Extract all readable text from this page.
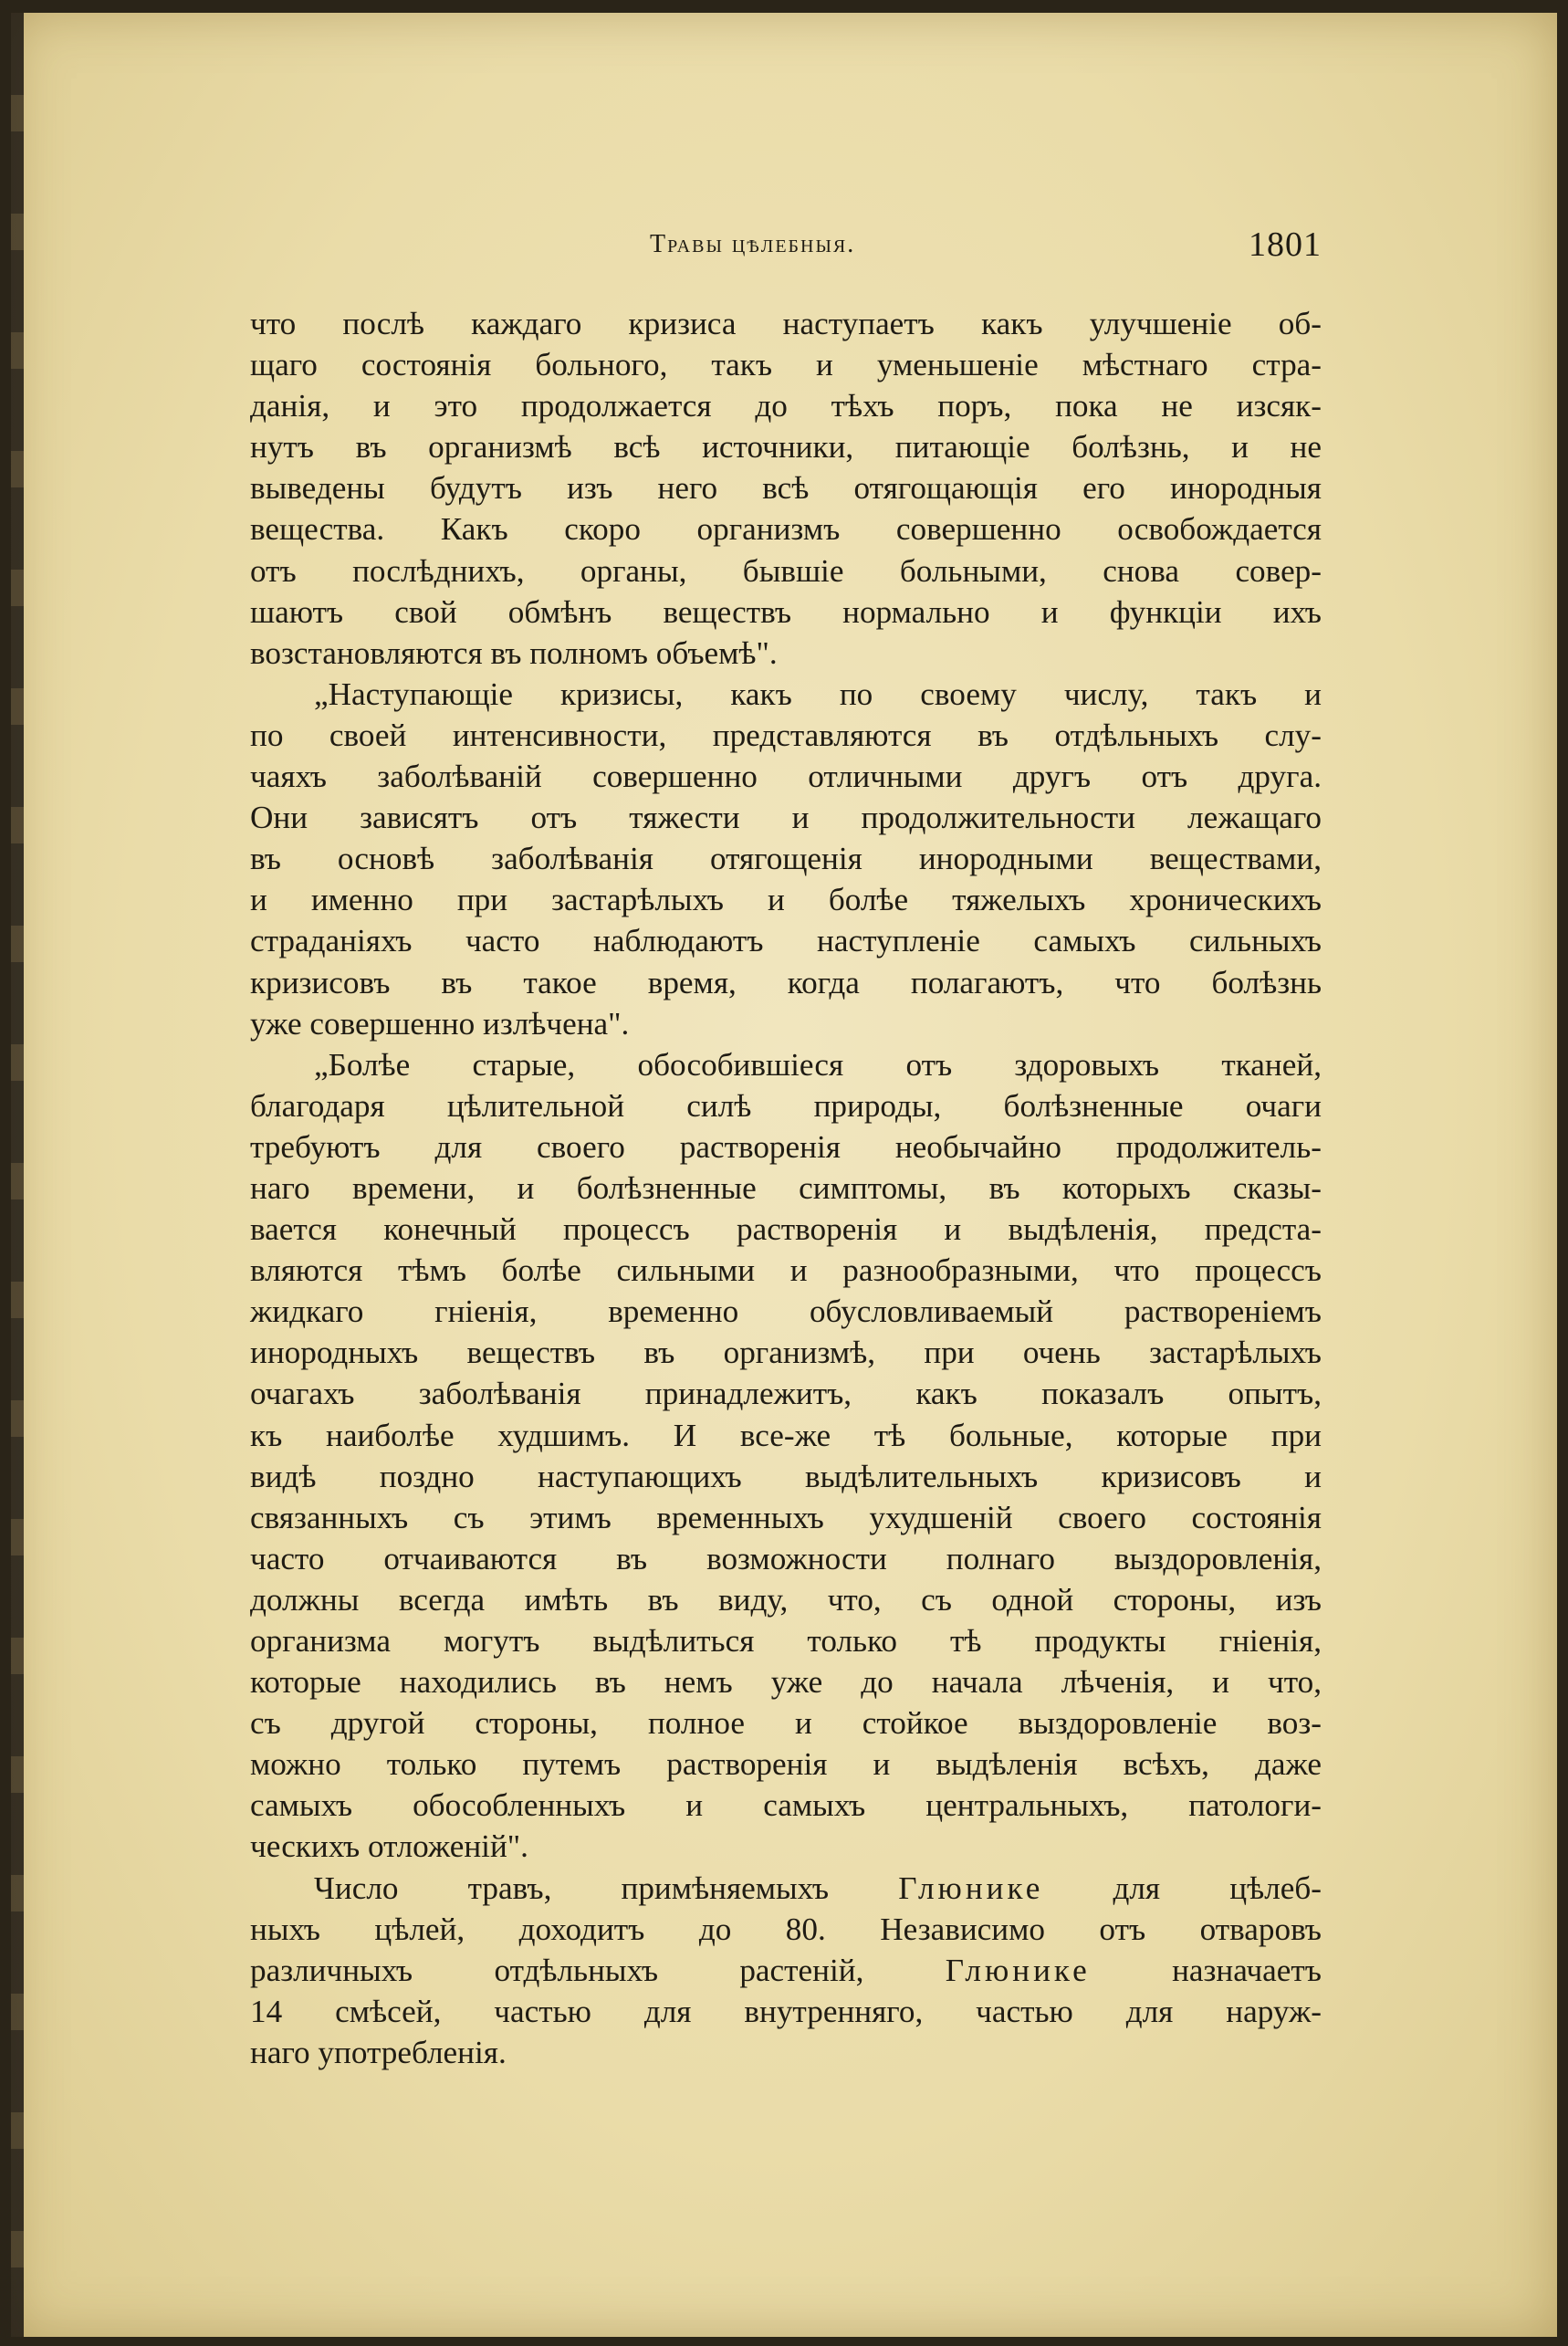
Травы цѣлебныя.	1801

что послѣ каждаго кризиса наступаетъ какъ улучшеніе об-

щаго состоянія больного, такъ и уменьшеніе мѣстнаго стра-

данія, и это продолжается до тѣхъ поръ, пока не изсяк-

нутъ въ организмѣ всѣ источники, питающіе болѣзнь, и не

выведены будутъ изъ него всѣ отягощающія его инородныя

вещества. Какъ скоро организмъ совершенно освобождается

отъ послѣднихъ, органы, бывшіе больными, снова совер-

шаютъ свой обмѣнъ веществъ нормально и функціи ихъ

возстановляются въ полномъ объемѣ".

„Наступающіе кризисы, какъ по своему числу, такъ и

по своей интенсивности, представляются въ отдѣльныхъ слу-

чаяхъ заболѣваній совершенно отличными другъ отъ друга.

Они зависятъ отъ тяжести и продолжительности лежащаго

въ основѣ заболѣванія отягощенія инородными веществами,

и именно при застарѣлыхъ и болѣе тяжелыхъ хроническихъ

страданіяхъ часто наблюдаютъ наступленіе самыхъ сильныхъ

кризисовъ въ такое время, когда полагаютъ, что болѣзнь

уже совершенно излѣчена".

„Болѣе старые, обособившіеся отъ здоровыхъ тканей,

благодаря цѣлительной силѣ природы, болѣзненные очаги

требуютъ для своего растворенія необычайно продолжитель-

наго времени, и болѣзненные симптомы, въ которыхъ сказы-

вается конечный процессъ растворенія и выдѣленія, предста-

вляются тѣмъ болѣе сильными и разнообразными, что процессъ

жидкаго гніенія, временно обусловливаемый раствореніемъ

инородныхъ веществъ въ организмѣ, при очень застарѣлыхъ

очагахъ заболѣванія принадлежитъ, какъ показалъ опытъ,

къ наиболѣе худшимъ. И все-же тѣ больные, которые при

видѣ поздно наступающихъ выдѣлительныхъ кризисовъ и

связанныхъ съ этимъ временныхъ ухудшеній своего состоянія

часто отчаиваются въ возможности полнаго выздоровленія,

должны всегда имѣть въ виду, что, съ одной стороны, изъ

организма могутъ выдѣлиться только тѣ продукты гніенія,

которые находились въ немъ уже до начала лѣченія, и что,

съ другой стороны, полное и стойкое выздоровленіе воз-

можно только путемъ растворенія и выдѣленія всѣхъ, даже

самыхъ обособленныхъ и самыхъ центральныхъ, патологи-

ческихъ отложеній".

Число травъ, примѣняемыхъ Глюнике для цѣлеб-

ныхъ цѣлей, доходитъ до 80. Независимо отъ отваровъ

различныхъ отдѣльныхъ растеній, Глюнике назначаетъ

14 смѣсей, частью для внутренняго, частью для наруж-

наго употребленія.
